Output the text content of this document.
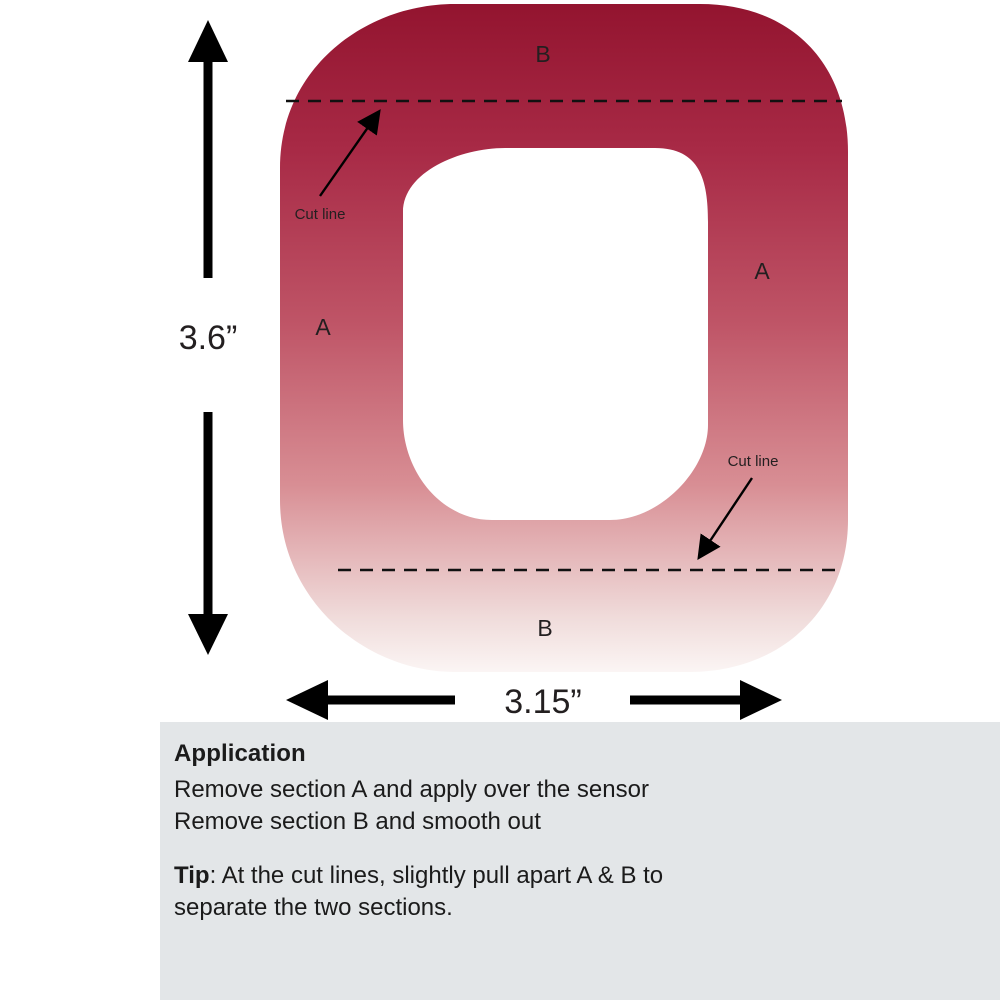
B
B
A
A
Cut line
Cut line
3.6”
3.15”

Application

Remove section A and apply over the sensor

Remove section B and smooth out

Tip: At the cut lines, slightly pull apart A & B to

separate the two sections.
